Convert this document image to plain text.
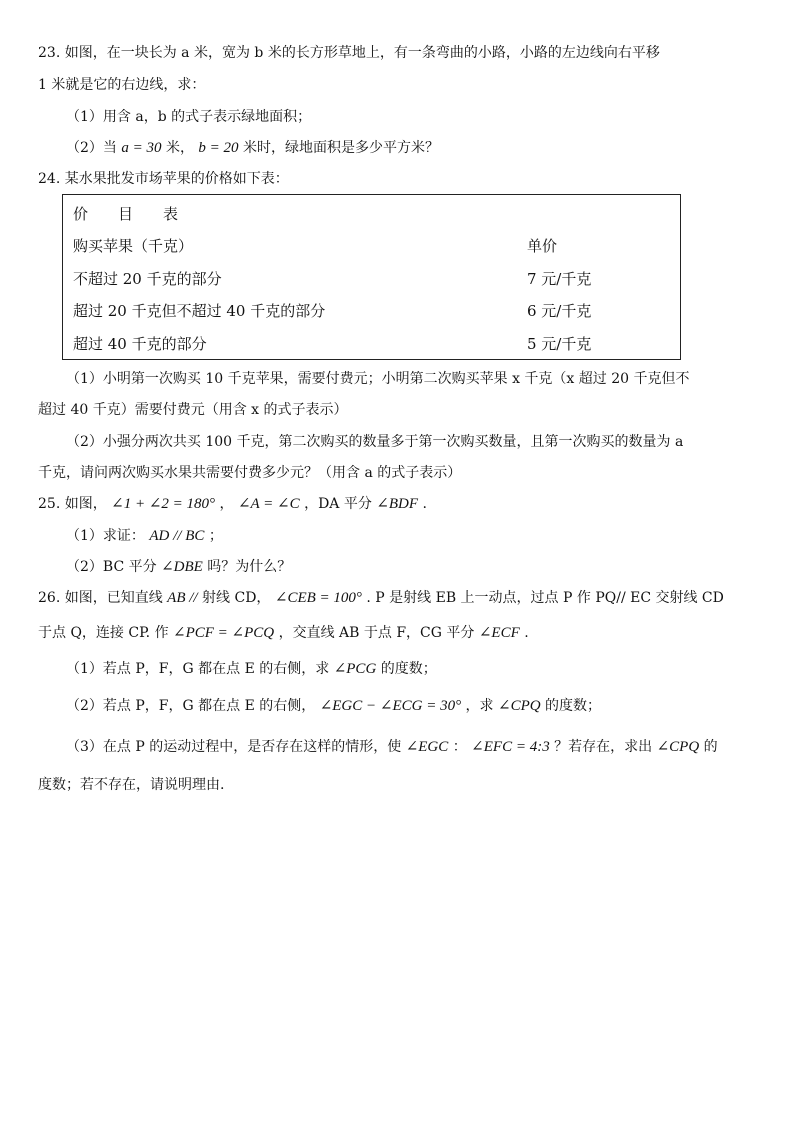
23. 如图，在一块长为 a 米，宽为 b 米的长方形草地上，有一条弯曲的小路，小路的左边线向右平移
1 米就是它的右边线，求：
（1）用含 a，b 的式子表示绿地面积；
（2）当 a = 30 米， b = 20 米时，绿地面积是多少平方米？
24. 某水果批发市场苹果的价格如下表：
价　　目　　表
购买苹果（千克）	单价
不超过 20 千克的部分	7 元/千克
超过 20 千克但不超过 40 千克的部分	6 元/千克
超过 40 千克的部分	5 元/千克
（1）小明第一次购买 10 千克苹果，需要付费元；小明第二次购买苹果 x 千克（x 超过 20 千克但不
超过 40 千克）需要付费元（用含 x 的式子表示）
（2）小强分两次共买 100 千克，第二次购买的数量多于第一次购买数量，且第一次购买的数量为 a
千克，请问两次购买水果共需要付费多少元？（用含 a 的式子表示）
25. 如图， ∠1 + ∠2 = 180° ， ∠A = ∠C ，DA 平分 ∠BDF .
（1）求证： AD // BC ；
（2）BC 平分 ∠DBE 吗？为什么？
26. 如图，已知直线 AB // 射线 CD， ∠CEB = 100° . P 是射线 EB 上一动点，过点 P 作 PQ// EC 交射线 CD
于点 Q，连接 CP. 作 ∠PCF = ∠PCQ ，交直线 AB 于点 F，CG 平分 ∠ECF .
（1）若点 P，F，G 都在点 E 的右侧，求 ∠PCG 的度数；
（2）若点 P，F，G 都在点 E 的右侧， ∠EGC − ∠ECG = 30° ，求 ∠CPQ 的度数；
（3）在点 P 的运动过程中，是否存在这样的情形，使 ∠EGC ： ∠EFC = 4:3 ？若存在，求出 ∠CPQ 的
度数；若不存在，请说明理由.
